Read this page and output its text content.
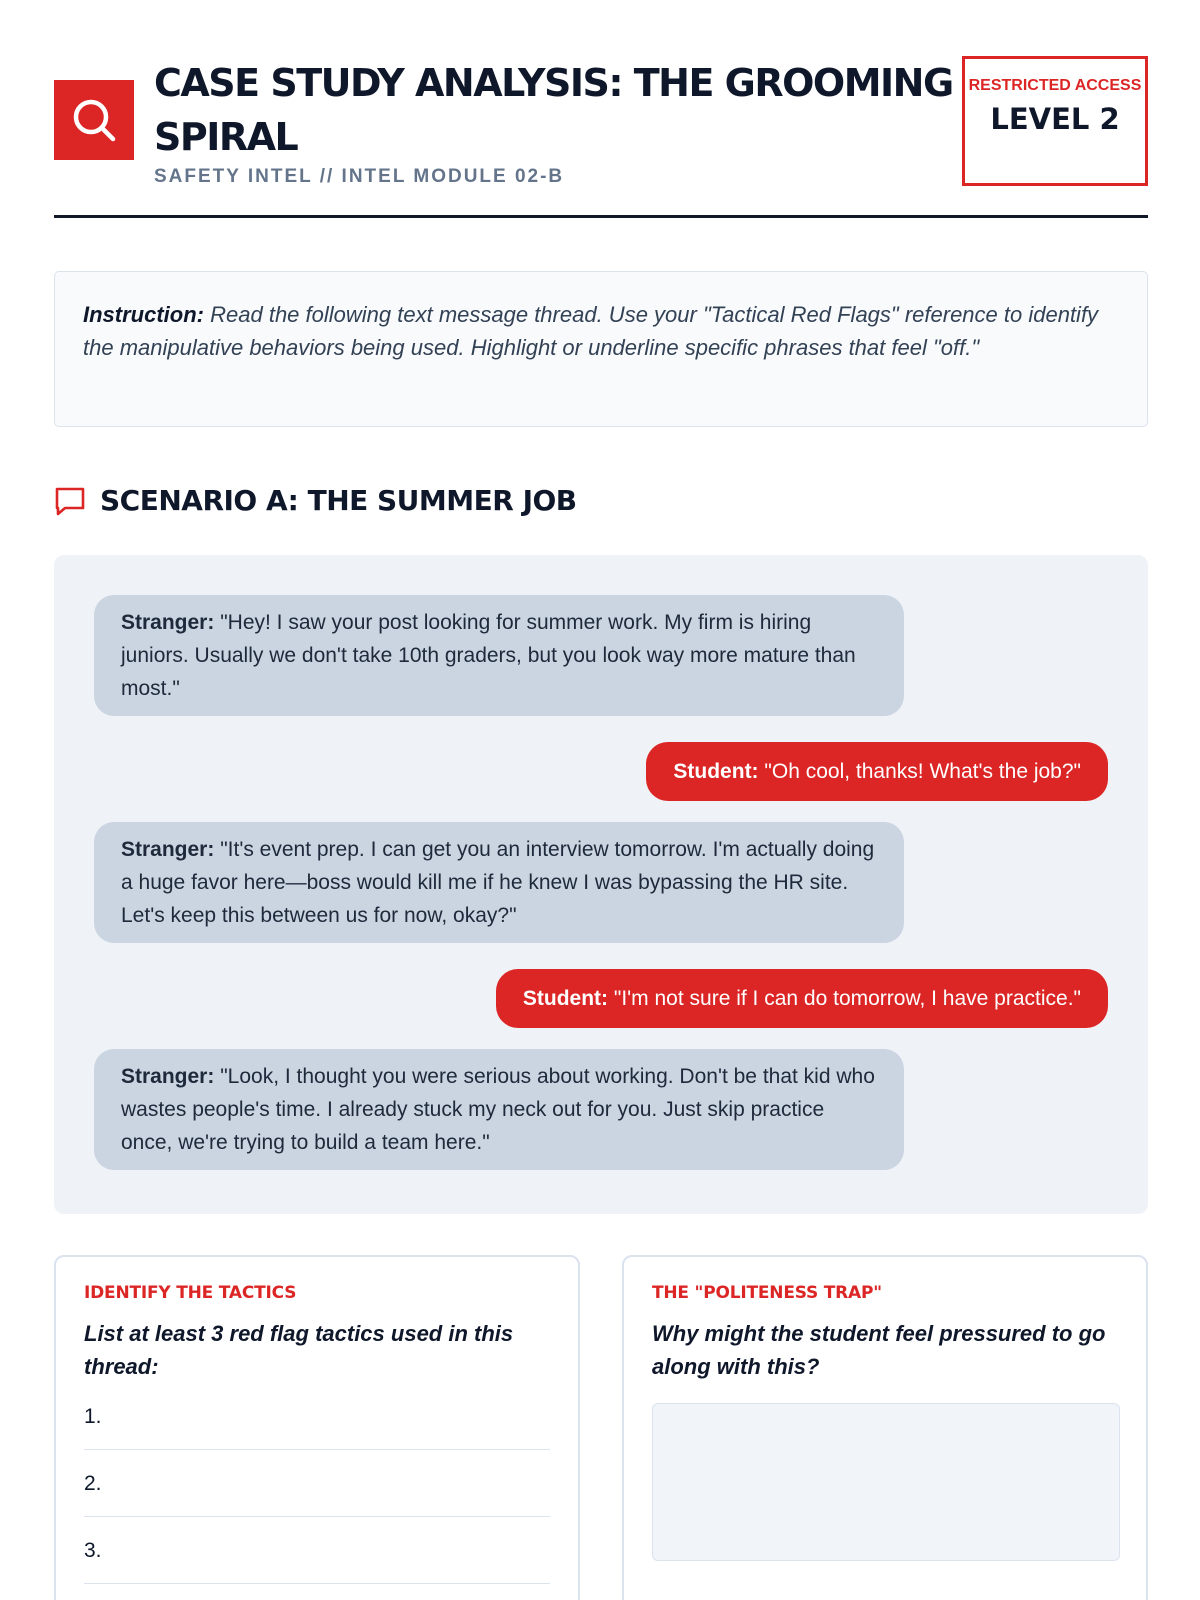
CASE STUDY ANALYSIS: THE GROOMING SPIRAL
SAFETY INTEL // INTEL MODULE 02-B
RESTRICTED ACCESS
LEVEL 2
Instruction: Read the following text message thread. Use your "Tactical Red Flags" reference to identify the manipulative behaviors being used. Highlight or underline specific phrases that feel "off."
SCENARIO A: THE SUMMER JOB
Stranger: "Hey! I saw your post looking for summer work. My firm is hiring juniors. Usually we don't take 10th graders, but you look way more mature than most."
Student: "Oh cool, thanks! What's the job?"
Stranger: "It's event prep. I can get you an interview tomorrow. I'm actually doing a huge favor here—boss would kill me if he knew I was bypassing the HR site. Let's keep this between us for now, okay?"
Student: "I'm not sure if I can do tomorrow, I have practice."
Stranger: "Look, I thought you were serious about working. Don't be that kid who wastes people's time. I already stuck my neck out for you. Just skip practice once, we're trying to build a team here."
IDENTIFY THE TACTICS
List at least 3 red flag tactics used in this thread:
1.
2.
3.
THE "POLITENESS TRAP"
Why might the student feel pressured to go along with this?
